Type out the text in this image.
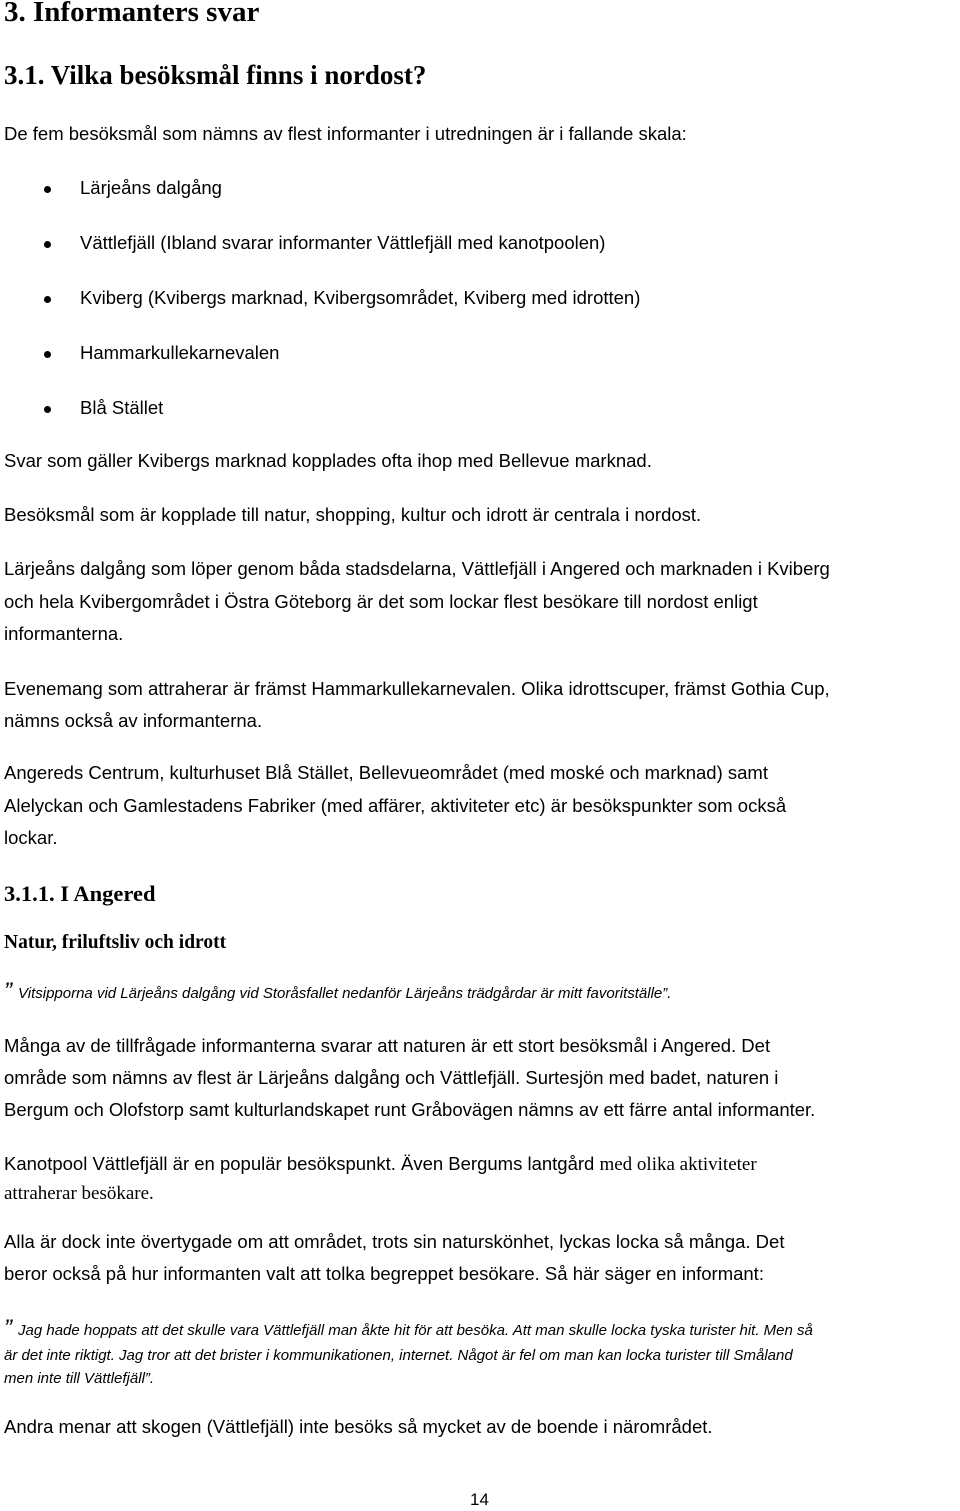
3. Informanters svar
3.1. Vilka besöksmål finns i nordost?

De fem besöksmål som nämns av flest informanter i utredningen är i fallande skala:

Lärjeåns dalgång
Vättlefjäll (Ibland svarar informanter Vättlefjäll med kanotpoolen)
Kviberg (Kvibergs marknad, Kvibergsområdet, Kviberg med idrotten)
Hammarkullekarnevalen
Blå Stället

Svar som gäller Kvibergs marknad kopplades ofta ihop med Bellevue marknad.

Besöksmål som är kopplade till natur, shopping, kultur och idrott är centrala i nordost.

Lärjeåns dalgång som löper genom båda stadsdelarna, Vättlefjäll i Angered och marknaden i Kviberg

och hela Kvibergområdet i Östra Göteborg är det som lockar flest besökare till nordost enligt

informanterna.

Evenemang som attraherar är främst Hammarkullekarnevalen. Olika idrottscuper, främst Gothia Cup,

nämns också av informanterna.

Angereds Centrum, kulturhuset Blå Stället, Bellevueområdet (med moské och marknad) samt

Alelyckan och Gamlestadens Fabriker (med affärer, aktiviteter etc) är besökspunkter som också

lockar.

3.1.1. I Angered
Natur, friluftsliv och idrott
” Vitsipporna vid Lärjeåns dalgång vid Storåsfallet nedanför Lärjeåns trädgårdar är mitt favoritställe”.

Många av de tillfrågade informanterna svarar att naturen är ett stort besöksmål i Angered. Det

område som nämns av flest är Lärjeåns dalgång och Vättlefjäll. Surtesjön med badet, naturen i

Bergum och Olofstorp samt kulturlandskapet runt Gråbovägen nämns av ett färre antal informanter.

Kanotpool Vättlefjäll är en populär besökspunkt. Även Bergums lantgård med olika aktiviteter

attraherar besökare.

Alla är dock inte övertygade om att området, trots sin naturskönhet, lyckas locka så många. Det

beror också på hur informanten valt att tolka begreppet besökare. Så här säger en informant:

” Jag hade hoppats att det skulle vara Vättlefjäll man åkte hit för att besöka. Att man skulle locka tyska turister hit. Men så
är det inte riktigt. Jag tror att det brister i kommunikationen, internet. Något är fel om man kan locka turister till Småland
men inte till Vättlefjäll”.

Andra menar att skogen (Vättlefjäll) inte besöks så mycket av de boende i närområdet.

14
